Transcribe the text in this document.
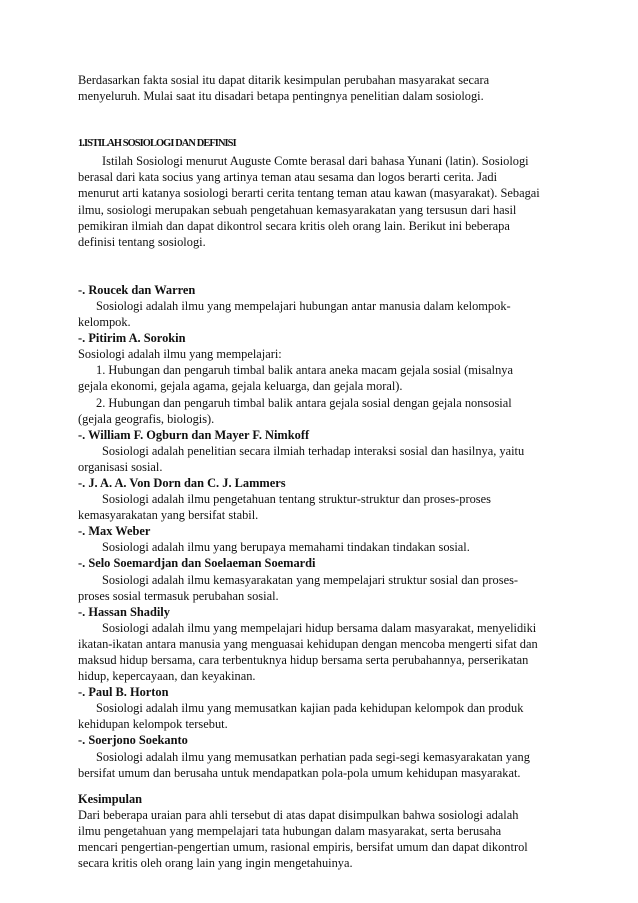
Berdasarkan fakta sosial itu dapat ditarik kesimpulan perubahan masyarakat secara

menyeluruh. Mulai saat itu disadari betapa pentingnya penelitian dalam sosiologi.

1.ISTILAH SOSIOLOGI DAN DEFINISI

Istilah Sosiologi menurut Auguste Comte berasal dari bahasa Yunani (latin). Sosiologi

berasal dari kata socius yang artinya teman atau sesama dan logos berarti cerita. Jadi

menurut arti katanya sosiologi berarti cerita tentang teman atau kawan (masyarakat). Sebagai

ilmu, sosiologi merupakan sebuah pengetahuan kemasyarakatan yang tersusun dari hasil

pemikiran ilmiah dan dapat dikontrol secara kritis oleh orang lain. Berikut ini beberapa

definisi tentang sosiologi.

-. Roucek dan Warren

Sosiologi adalah ilmu yang mempelajari hubungan antar manusia dalam kelompok-

kelompok.

-. Pitirim A. Sorokin

Sosiologi adalah ilmu yang mempelajari:

1. Hubungan dan pengaruh timbal balik antara aneka macam gejala sosial (misalnya

gejala ekonomi, gejala agama, gejala keluarga, dan gejala moral).

2. Hubungan dan pengaruh timbal balik antara gejala sosial dengan gejala nonsosial

(gejala geografis, biologis).

-. William F. Ogburn dan Mayer F. Nimkoff

Sosiologi adalah penelitian secara ilmiah terhadap interaksi sosial dan hasilnya, yaitu

organisasi sosial.

-. J. A. A. Von Dorn dan C. J. Lammers

Sosiologi adalah ilmu pengetahuan tentang struktur-struktur dan proses-proses

kemasyarakatan yang bersifat stabil.

-. Max Weber

Sosiologi adalah ilmu yang berupaya memahami tindakan tindakan sosial.

-. Selo Soemardjan dan Soelaeman Soemardi

Sosiologi adalah ilmu kemasyarakatan yang mempelajari struktur sosial dan proses-

proses sosial termasuk perubahan sosial.

-. Hassan Shadily

Sosiologi adalah ilmu yang mempelajari hidup bersama dalam masyarakat, menyelidiki

ikatan-ikatan antara manusia yang menguasai kehidupan dengan mencoba mengerti sifat dan

maksud hidup bersama, cara terbentuknya hidup bersama serta perubahannya, perserikatan

hidup, kepercayaan, dan keyakinan.

-. Paul B. Horton

Sosiologi adalah ilmu yang memusatkan kajian pada kehidupan kelompok dan produk

kehidupan kelompok tersebut.

-. Soerjono Soekanto

Sosiologi adalah ilmu yang memusatkan perhatian pada segi-segi kemasyarakatan yang

bersifat umum dan berusaha untuk mendapatkan pola-pola umum kehidupan masyarakat.

Kesimpulan

Dari beberapa uraian para ahli tersebut di atas dapat disimpulkan bahwa sosiologi adalah

ilmu pengetahuan yang mempelajari tata hubungan dalam masyarakat, serta berusaha

mencari pengertian-pengertian umum, rasional empiris, bersifat umum dan dapat dikontrol

secara kritis oleh orang lain yang ingin mengetahuinya.
